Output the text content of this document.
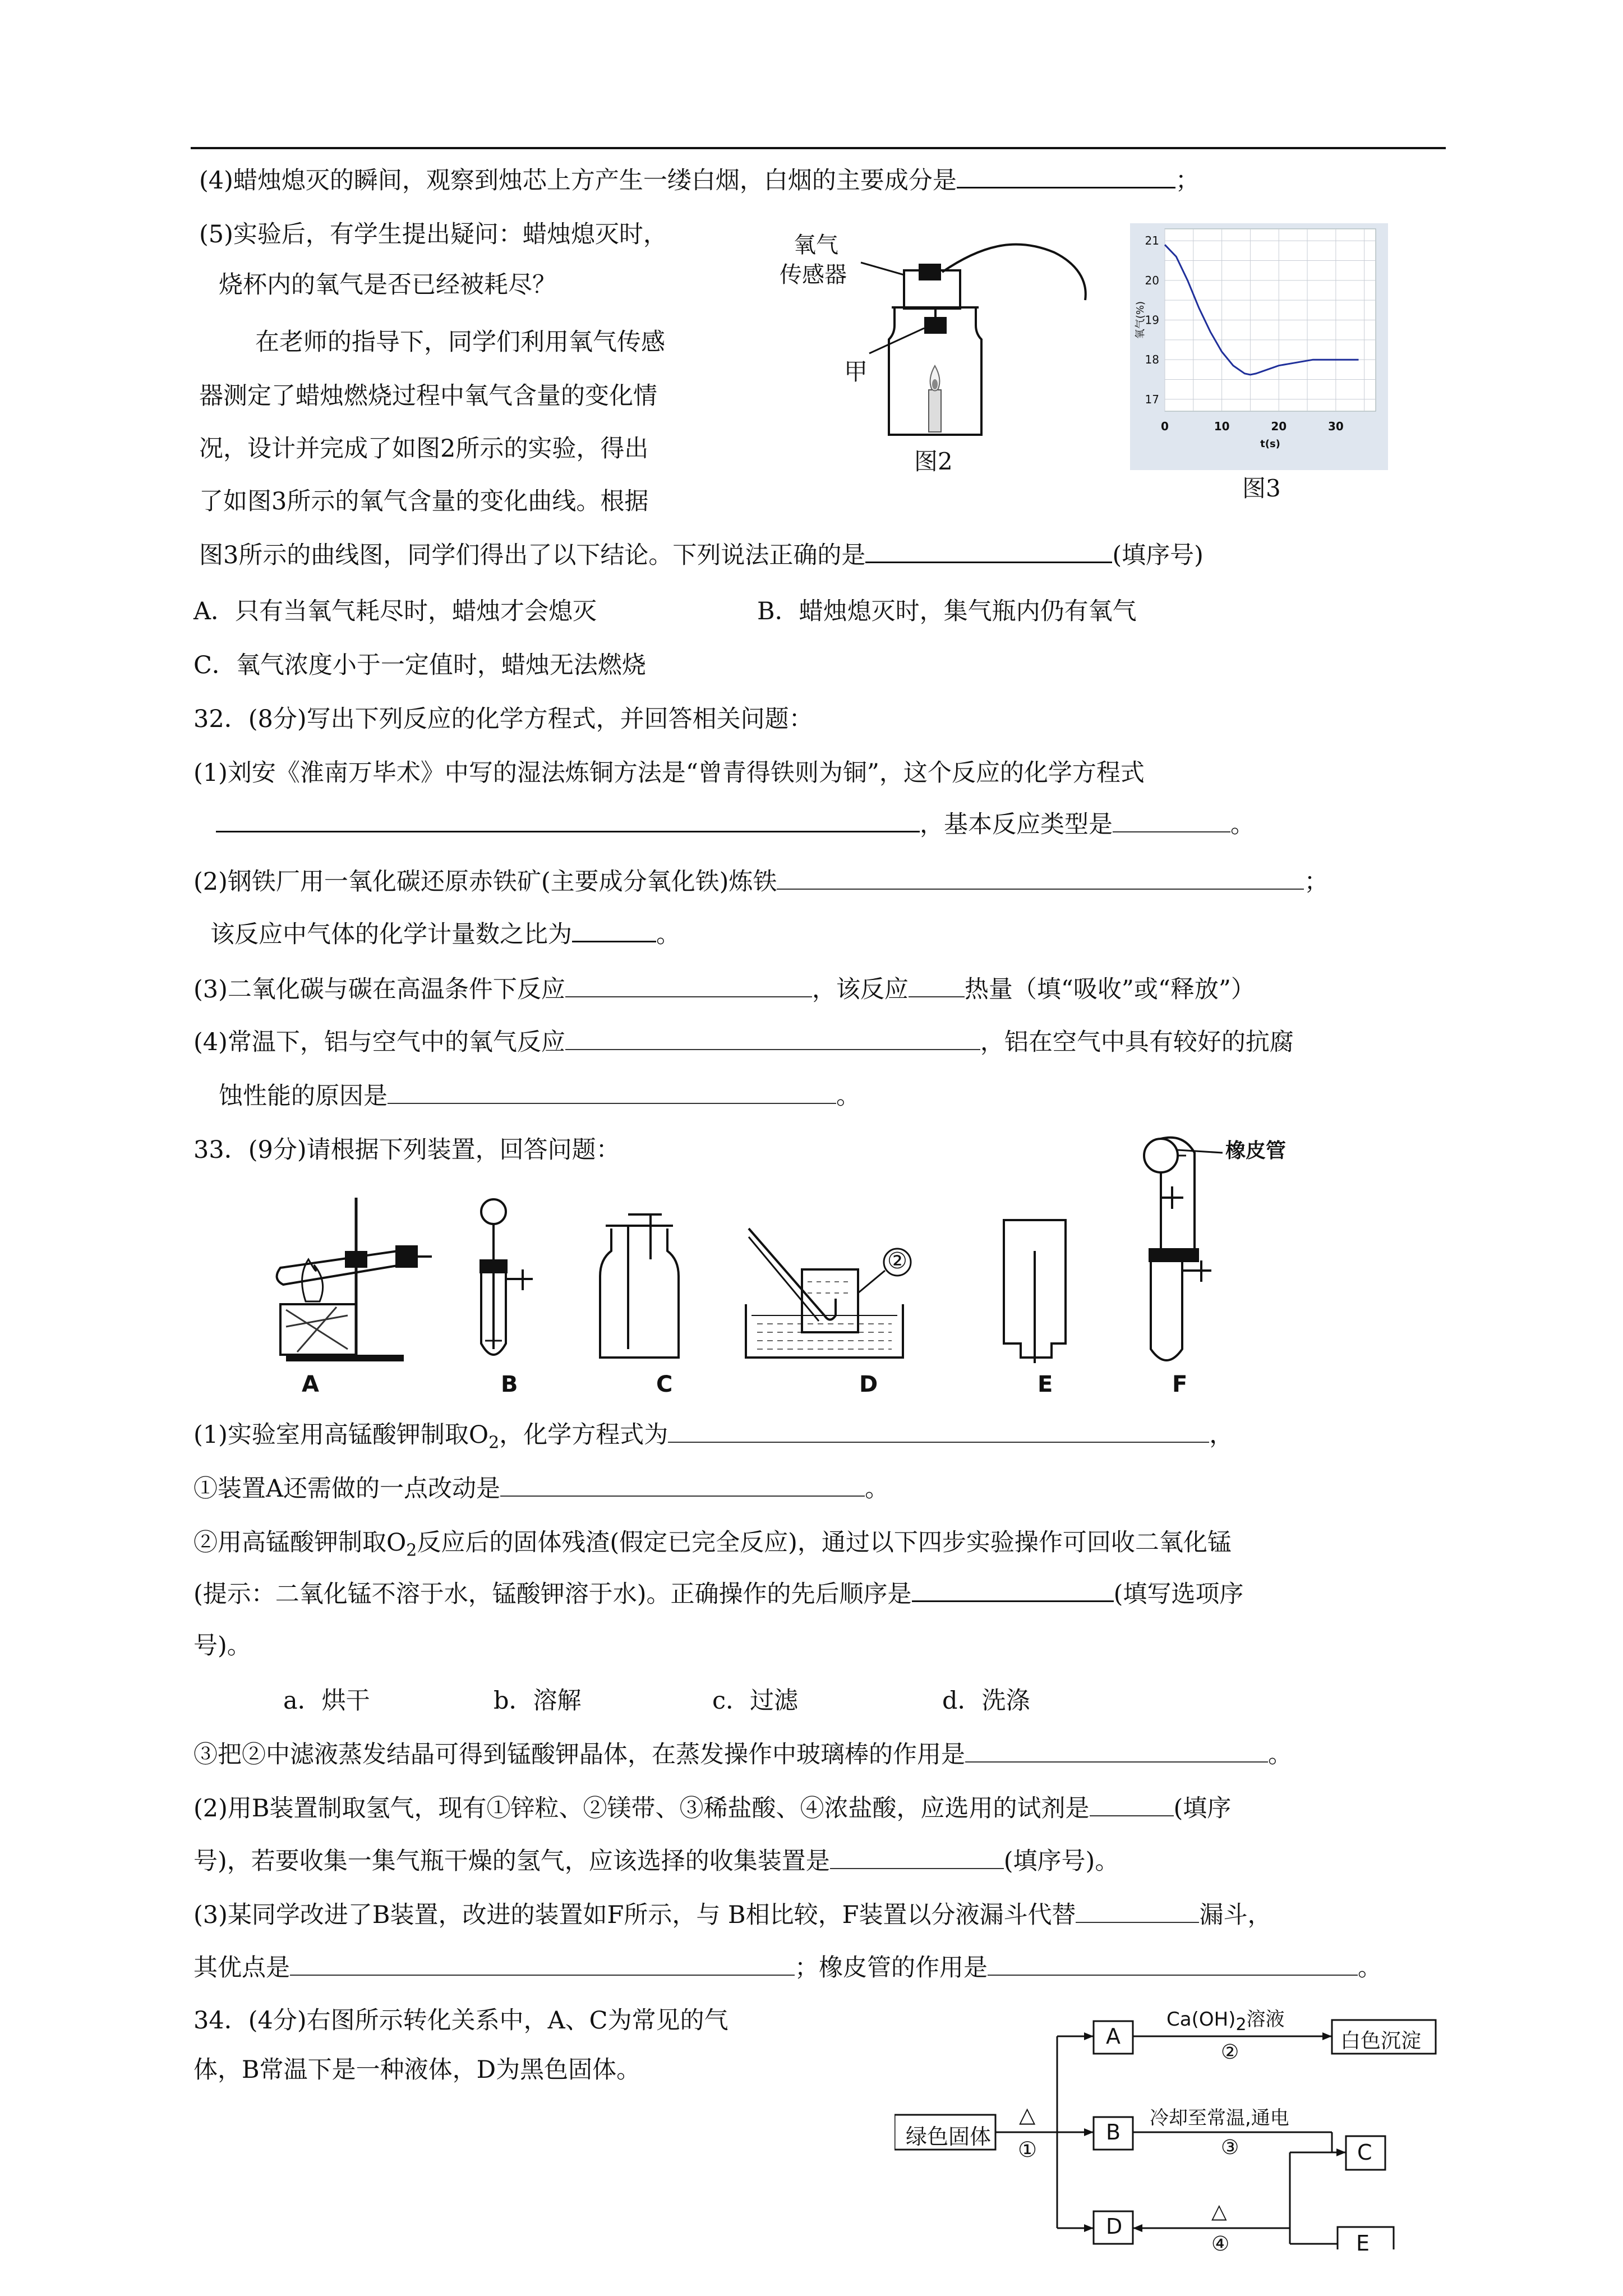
(4)蜡烛熄灭的瞬间，观察到烛芯上方产生一缕白烟，白烟的主要成分是	；
(5)实验后，有学生提出疑问：蜡烛熄灭时，
烧杯内的氧气是否已经被耗尽？
在老师的指导下，同学们利用氧气传感
器测定了蜡烛燃烧过程中氧气含量的变化情
况，设计并完成了如图2所示的实验，得出
了如图3所示的氧气含量的变化曲线。根据
图3所示的曲线图，同学们得出了以下结论。下列说法正确的是	(填序号)
A．只有当氧气耗尽时，蜡烛才会熄灭	B．蜡烛熄灭时，集气瓶内仍有氧气
C．氧气浓度小于一定值时，蜡烛无法燃烧
氧气
传感器
甲
图2
0	10	20	30
17
18
19
20
21
t(s)
氧气(%)
图3
32．(8分)写出下列反应的化学方程式，并回答相关问题：
(1)刘安《淮南万毕术》中写的湿法炼铜方法是“曾青得铁则为铜”，这个反应的化学方程式
，基本反应类型是	。
(2)钢铁厂用一氧化碳还原赤铁矿(主要成分氧化铁)炼铁	；
该反应中气体的化学计量数之比为	。
(3)二氧化碳与碳在高温条件下反应	，该反应 热量（填“吸收”或“释放”）
(4)常温下，铝与空气中的氧气反应	，铝在空气中具有较好的抗腐
蚀性能的原因是	。
33．(9分)请根据下列装置，回答问题：	橡皮管
②
A	B	C	D	E	F
(1)实验室用高锰酸钾制取$O_2$，化学方程式为	，
①装置A还需做的一点改动是	。
②用高锰酸钾制取$O_2$反应后的固体残渣(假定已完全反应)，通过以下四步实验操作可回收二氧化锰
(提示：二氧化锰不溶于水，锰酸钾溶于水)。正确操作的先后顺序是	(填写选项序
号)。
a．烘干	b．溶解	c．过滤	d．洗涤
③把②中滤液蒸发结晶可得到锰酸钾晶体，在蒸发操作中玻璃棒的作用是	。
(2)用B装置制取氢气，现有①锌粒、②镁带、③稀盐酸、④浓盐酸，应选用的试剂是	(填序
号)，若要收集一集气瓶干燥的氢气，应该选择的收集装置是	(填序号)。
(3)某同学改进了B装置，改进的装置如F所示，与 B相比较，F装置以分液漏斗代替	漏斗，
其优点是	；橡皮管的作用是	。
34．(4分)右图所示转化关系中，A、C为常见的气
体，B常温下是一种液体，D为黑色固体。
绿色固体
△
①
A
B
D
C
E
白色沉淀
$Ca(OH)_2$溶液
②
冷却至常温,通电
③
△
④
